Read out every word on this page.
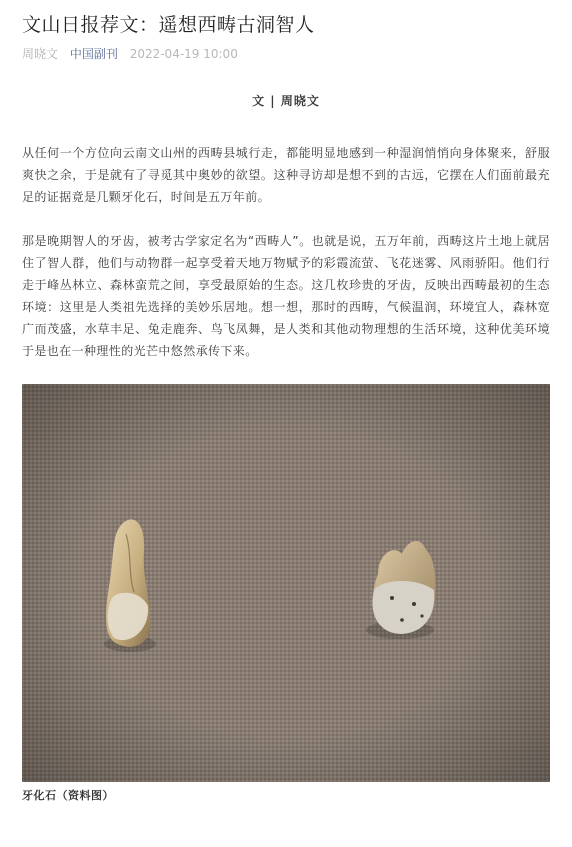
文山日报荐文：遥想西畴古洞智人
周晓文 中国副刊 2022-04-19 10:00
文 | 周晓文

从任何一个方位向云南文山州的西畴县城行走，都能明显地感到一种湿润悄悄向身体聚来，舒服爽快之余，于是就有了寻觅其中奥妙的欲望。这种寻访却是想不到的古远，它摆在人们面前最充足的证据竟是几颗牙化石，时间是五万年前。

那是晚期智人的牙齿，被考古学家定名为“西畴人”。也就是说，五万年前，西畴这片土地上就居住了智人群，他们与动物群一起享受着天地万物赋予的彩霞流萤、飞花迷雾、风雨骄阳。他们行走于峰丛林立、森林蛮荒之间，享受最原始的生态。这几枚珍贵的牙齿，反映出西畴最初的生态环境：这里是人类祖先选择的美妙乐居地。想一想，那时的西畴，气候温润，环境宜人，森林宽广而茂盛，水草丰足、兔走鹿奔、鸟飞凤舞，是人类和其他动物理想的生活环境，这种优美环境于是也在一种理性的光芒中悠然承传下来。

牙化石（资料图）
